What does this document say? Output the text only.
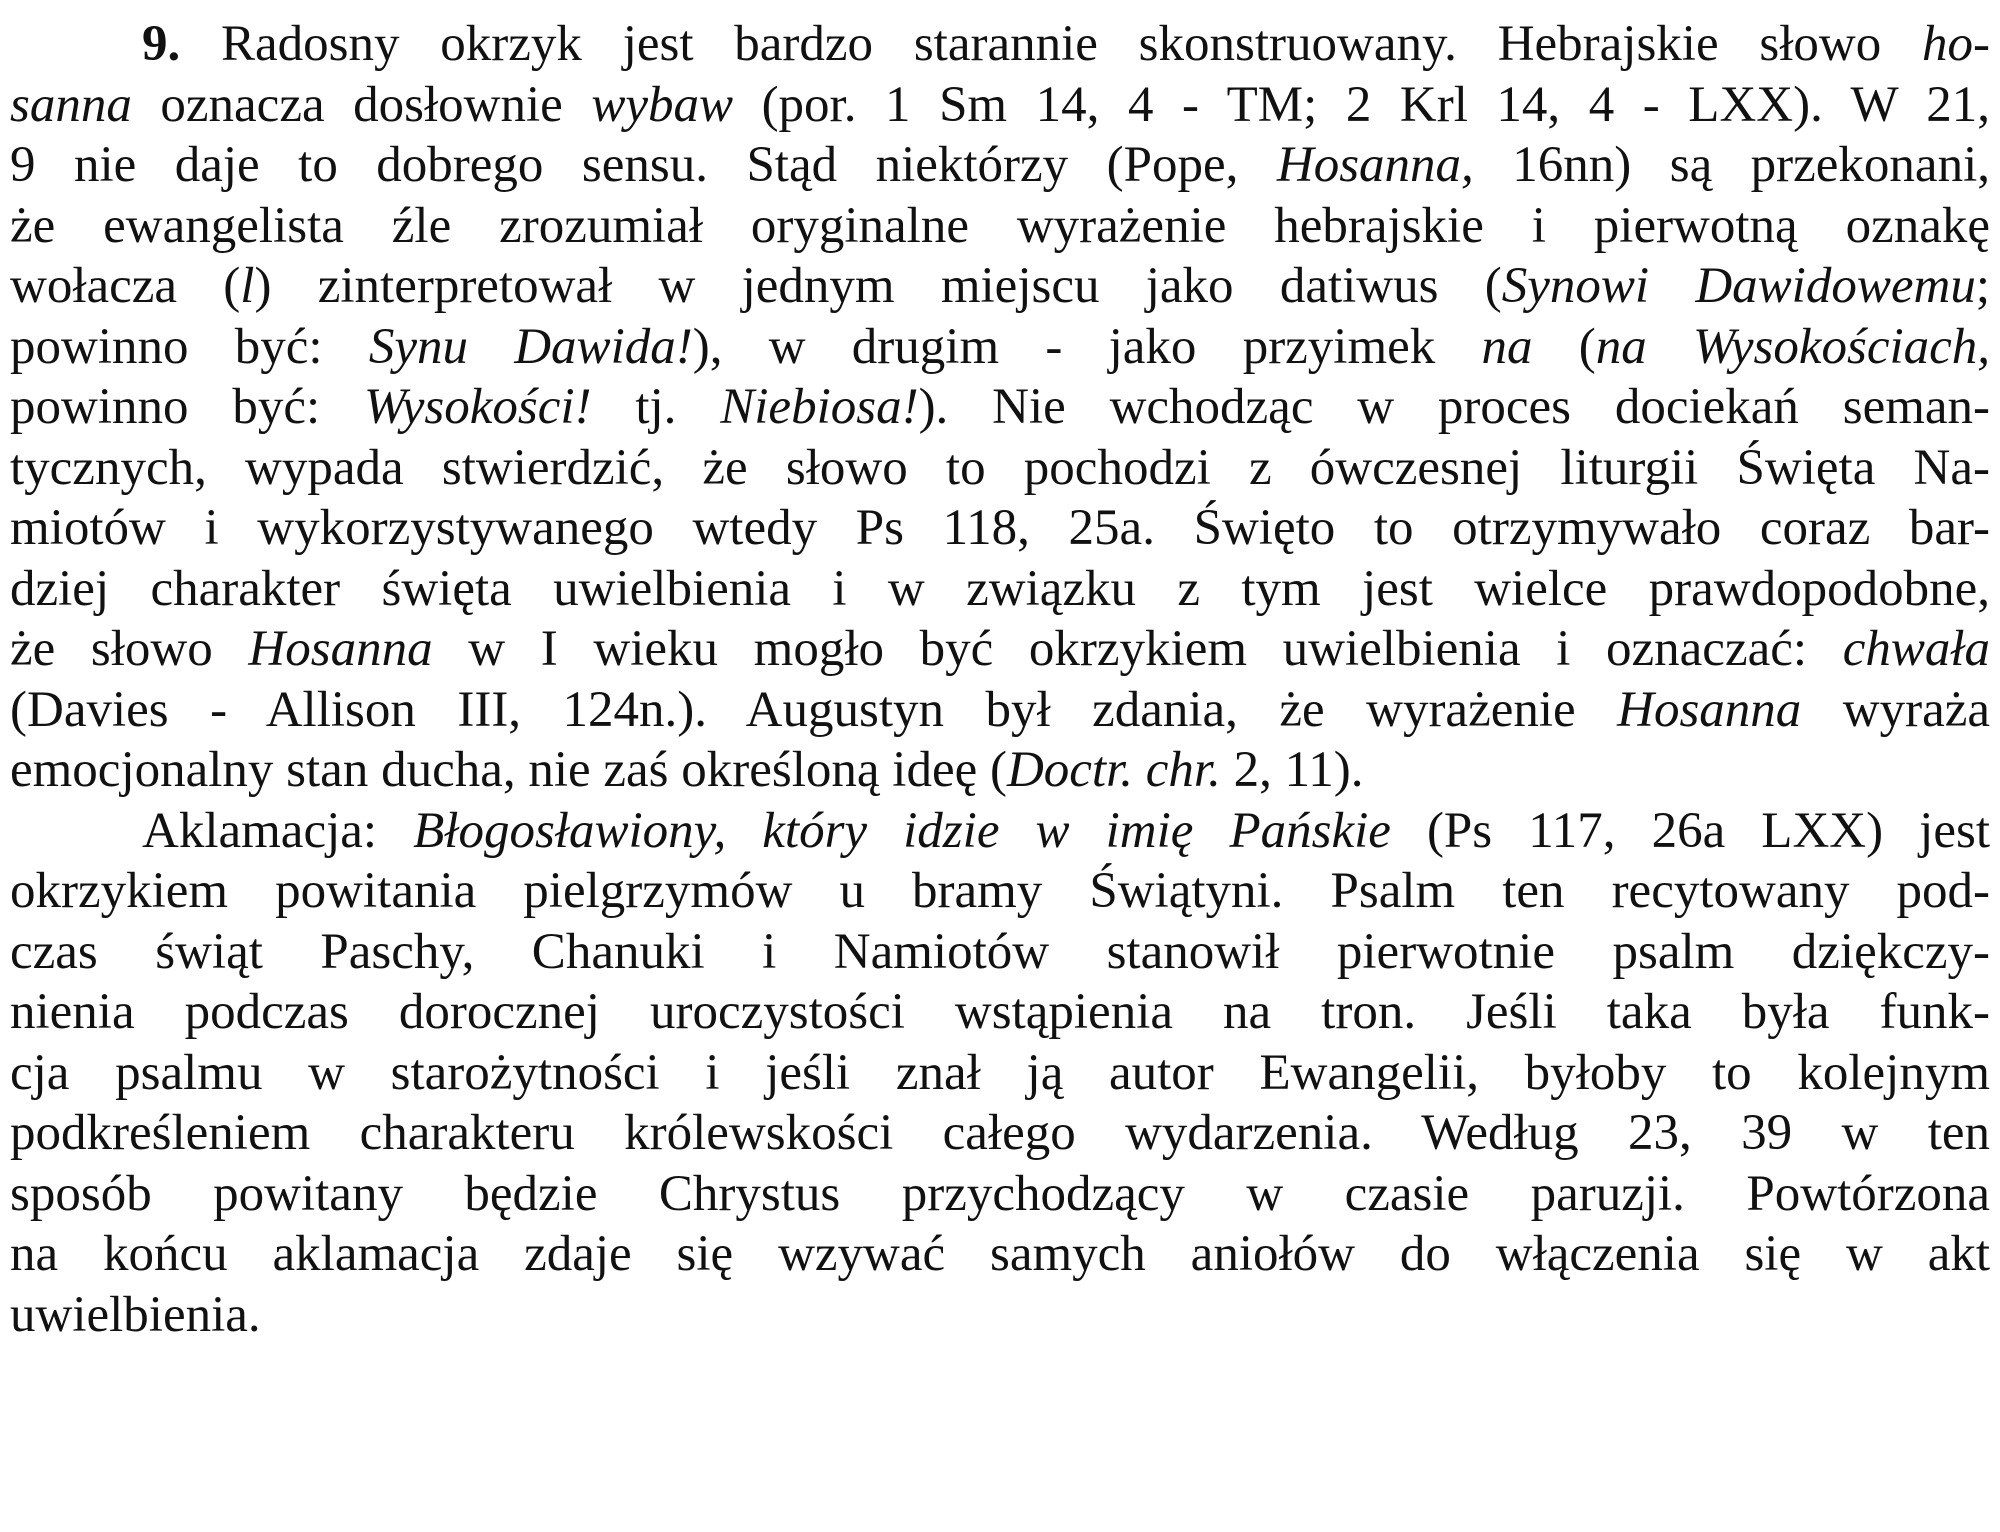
9. Radosny okrzyk jest bardzo starannie skonstruowany. Hebrajskie słowo ho-
sanna oznacza dosłownie wybaw (por. 1 Sm 14, 4 - TM; 2 Krl 14, 4 - LXX). W 21,
9 nie daje to dobrego sensu. Stąd niektórzy (Pope, Hosanna, 16nn) są przekonani,
że ewangelista źle zrozumiał oryginalne wyrażenie hebrajskie i pierwotną oznakę
wołacza (l) zinterpretował w jednym miejscu jako datiwus (Synowi Dawidowemu;
powinno być: Synu Dawida!), w drugim - jako przyimek na (na Wysokościach,
powinno być: Wysokości! tj. Niebiosa!). Nie wchodząc w proces dociekań seman-
tycznych, wypada stwierdzić, że słowo to pochodzi z ówczesnej liturgii Święta Na-
miotów i wykorzystywanego wtedy Ps 118, 25a. Święto to otrzymywało coraz bar-
dziej charakter święta uwielbienia i w związku z tym jest wielce prawdopodobne,
że słowo Hosanna w I wieku mogło być okrzykiem uwielbienia i oznaczać: chwała
(Davies - Allison III, 124n.). Augustyn był zdania, że wyrażenie Hosanna wyraża
emocjonalny stan ducha, nie zaś określoną ideę (Doctr. chr. 2, 11).
Aklamacja: Błogosławiony, który idzie w imię Pańskie (Ps 117, 26a LXX) jest
okrzykiem powitania pielgrzymów u bramy Świątyni. Psalm ten recytowany pod-
czas świąt Paschy, Chanuki i Namiotów stanowił pierwotnie psalm dziękczy-
nienia podczas dorocznej uroczystości wstąpienia na tron. Jeśli taka była funk-
cja psalmu w starożytności i jeśli znał ją autor Ewangelii, byłoby to kolejnym
podkreśleniem charakteru królewskości całego wydarzenia. Według 23, 39 w ten
sposób powitany będzie Chrystus przychodzący w czasie paruzji. Powtórzona
na końcu aklamacja zdaje się wzywać samych aniołów do włączenia się w akt
uwielbienia.
